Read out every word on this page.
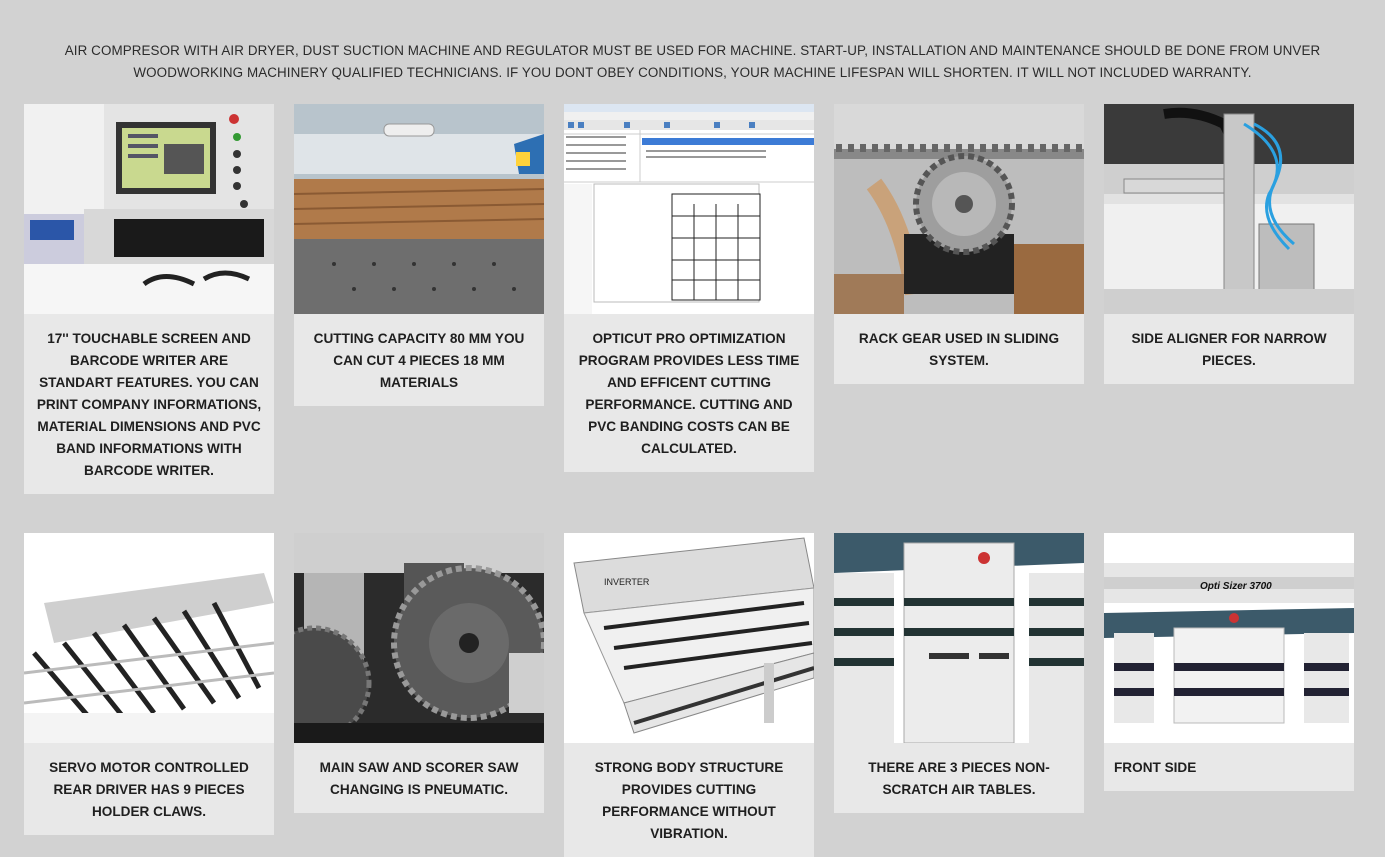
AIR COMPRESOR WITH AIR DRYER, DUST SUCTION MACHINE AND REGULATOR MUST BE USED FOR MACHINE. START-UP, INSTALLATION AND MAINTENANCE SHOULD BE DONE FROM UNVER WOODWORKING MACHINERY QUALIFIED TECHNICIANS. IF YOU DONT OBEY CONDITIONS, YOUR MACHINE LIFESPAN WILL SHORTEN. IT WILL NOT INCLUDED WARRANTY.
17'' TOUCHABLE SCREEN AND BARCODE WRITER ARE STANDART FEATURES. YOU CAN PRINT COMPANY INFORMATIONS, MATERIAL DIMENSIONS AND PVC BAND INFORMATIONS WITH BARCODE WRITER.
CUTTING CAPACITY 80 MM YOU CAN CUT 4 PIECES 18 MM MATERIALS
OPTICUT PRO OPTIMIZATION PROGRAM PROVIDES LESS TIME AND EFFICENT CUTTING PERFORMANCE. CUTTING AND PVC BANDING COSTS CAN BE CALCULATED.
RACK GEAR USED IN SLIDING SYSTEM.
SIDE ALIGNER FOR NARROW PIECES.
SERVO MOTOR CONTROLLED REAR DRIVER HAS 9 PIECES HOLDER CLAWS.
MAIN SAW AND SCORER SAW CHANGING IS PNEUMATIC.
INVERTER
STRONG BODY STRUCTURE PROVIDES CUTTING PERFORMANCE WITHOUT VIBRATION.
THERE ARE 3 PIECES NON-SCRATCH AIR TABLES.
Opti Sizer 3700
FRONT SIDE
